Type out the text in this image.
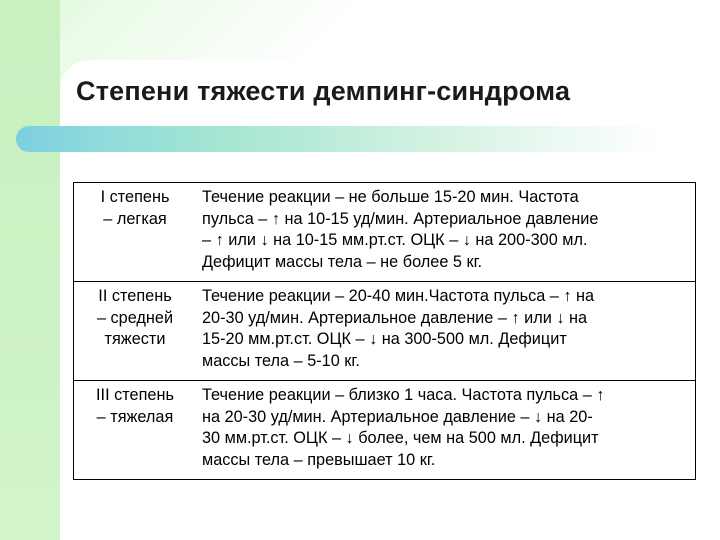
Степени тяжести демпинг-синдрома
I степень
– легкая	Течение реакции – не больше 15-20 мин. Частота
пульса – ↑ на 10-15 уд/мин. Артериальное давление
– ↑ или ↓ на 10-15 мм.рт.ст. ОЦК – ↓ на 200-300 мл.
Дефицит массы тела – не более 5 кг.
II степень
– средней
тяжести	Течение реакции – 20-40 мин.Частота пульса – ↑ на
20-30 уд/мин. Артериальное давление – ↑ или ↓ на
15-20 мм.рт.ст. ОЦК – ↓ на 300-500 мл. Дефицит
массы тела – 5-10 кг.
III степень
– тяжелая	Течение реакции – близко 1 часа. Частота пульса – ↑
на 20-30 уд/мин. Артериальное давление – ↓ на 20-
30 мм.рт.ст. ОЦК – ↓ более, чем на 500 мл. Дефицит
массы тела – превышает 10 кг.
